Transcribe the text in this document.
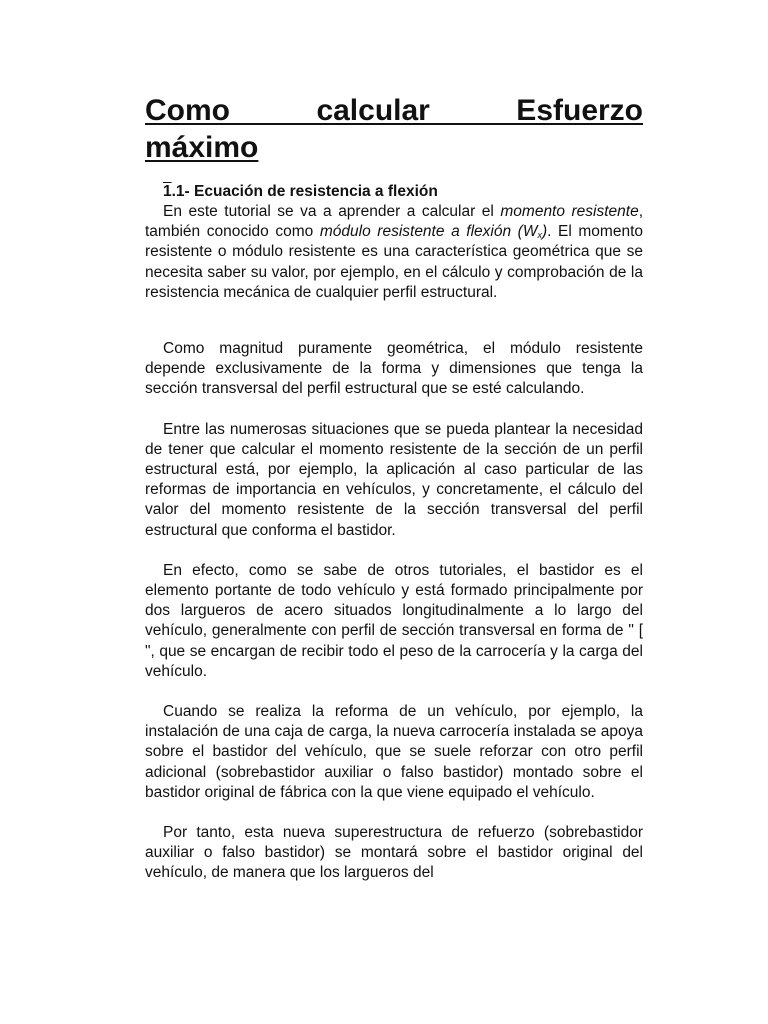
Como calcular Esfuerzo
máximo
1.1- Ecuación de resistencia a flexión

En este tutorial se va a aprender a calcular el momento resistente, también conocido como módulo resistente a flexión $(W_x)$. El momento resistente o módulo resistente es una característica geométrica que se necesita saber su valor, por ejemplo, en el cálculo y comprobación de la resistencia mecánica de cualquier perfil estructural.

Como magnitud puramente geométrica, el módulo resistente depende exclusivamente de la forma y dimensiones que tenga la sección transversal del perfil estructural que se esté calculando.

Entre las numerosas situaciones que se pueda plantear la necesidad de tener que calcular el momento resistente de la sección de un perfil estructural está, por ejemplo, la aplicación al caso particular de las reformas de importancia en vehículos, y concretamente, el cálculo del valor del momento resistente de la sección transversal del perfil estructural que conforma el bastidor.

En efecto, como se sabe de otros tutoriales, el bastidor es el elemento portante de todo vehículo y está formado principalmente por dos largueros de acero situados longitudinalmente a lo largo del vehículo, generalmente con perfil de sección transversal en forma de " [ ", que se encargan de recibir todo el peso de la carrocería y la carga del vehículo.

Cuando se realiza la reforma de un vehículo, por ejemplo, la instalación de una caja de carga, la nueva carrocería instalada se apoya sobre el bastidor del vehículo, que se suele reforzar con otro perfil adicional (sobrebastidor auxiliar o falso bastidor) montado sobre el bastidor original de fábrica con la que viene equipado el vehículo.

Por tanto, esta nueva superestructura de refuerzo (sobrebastidor auxiliar o falso bastidor) se montará sobre el bastidor original del vehículo, de manera que los largueros del
